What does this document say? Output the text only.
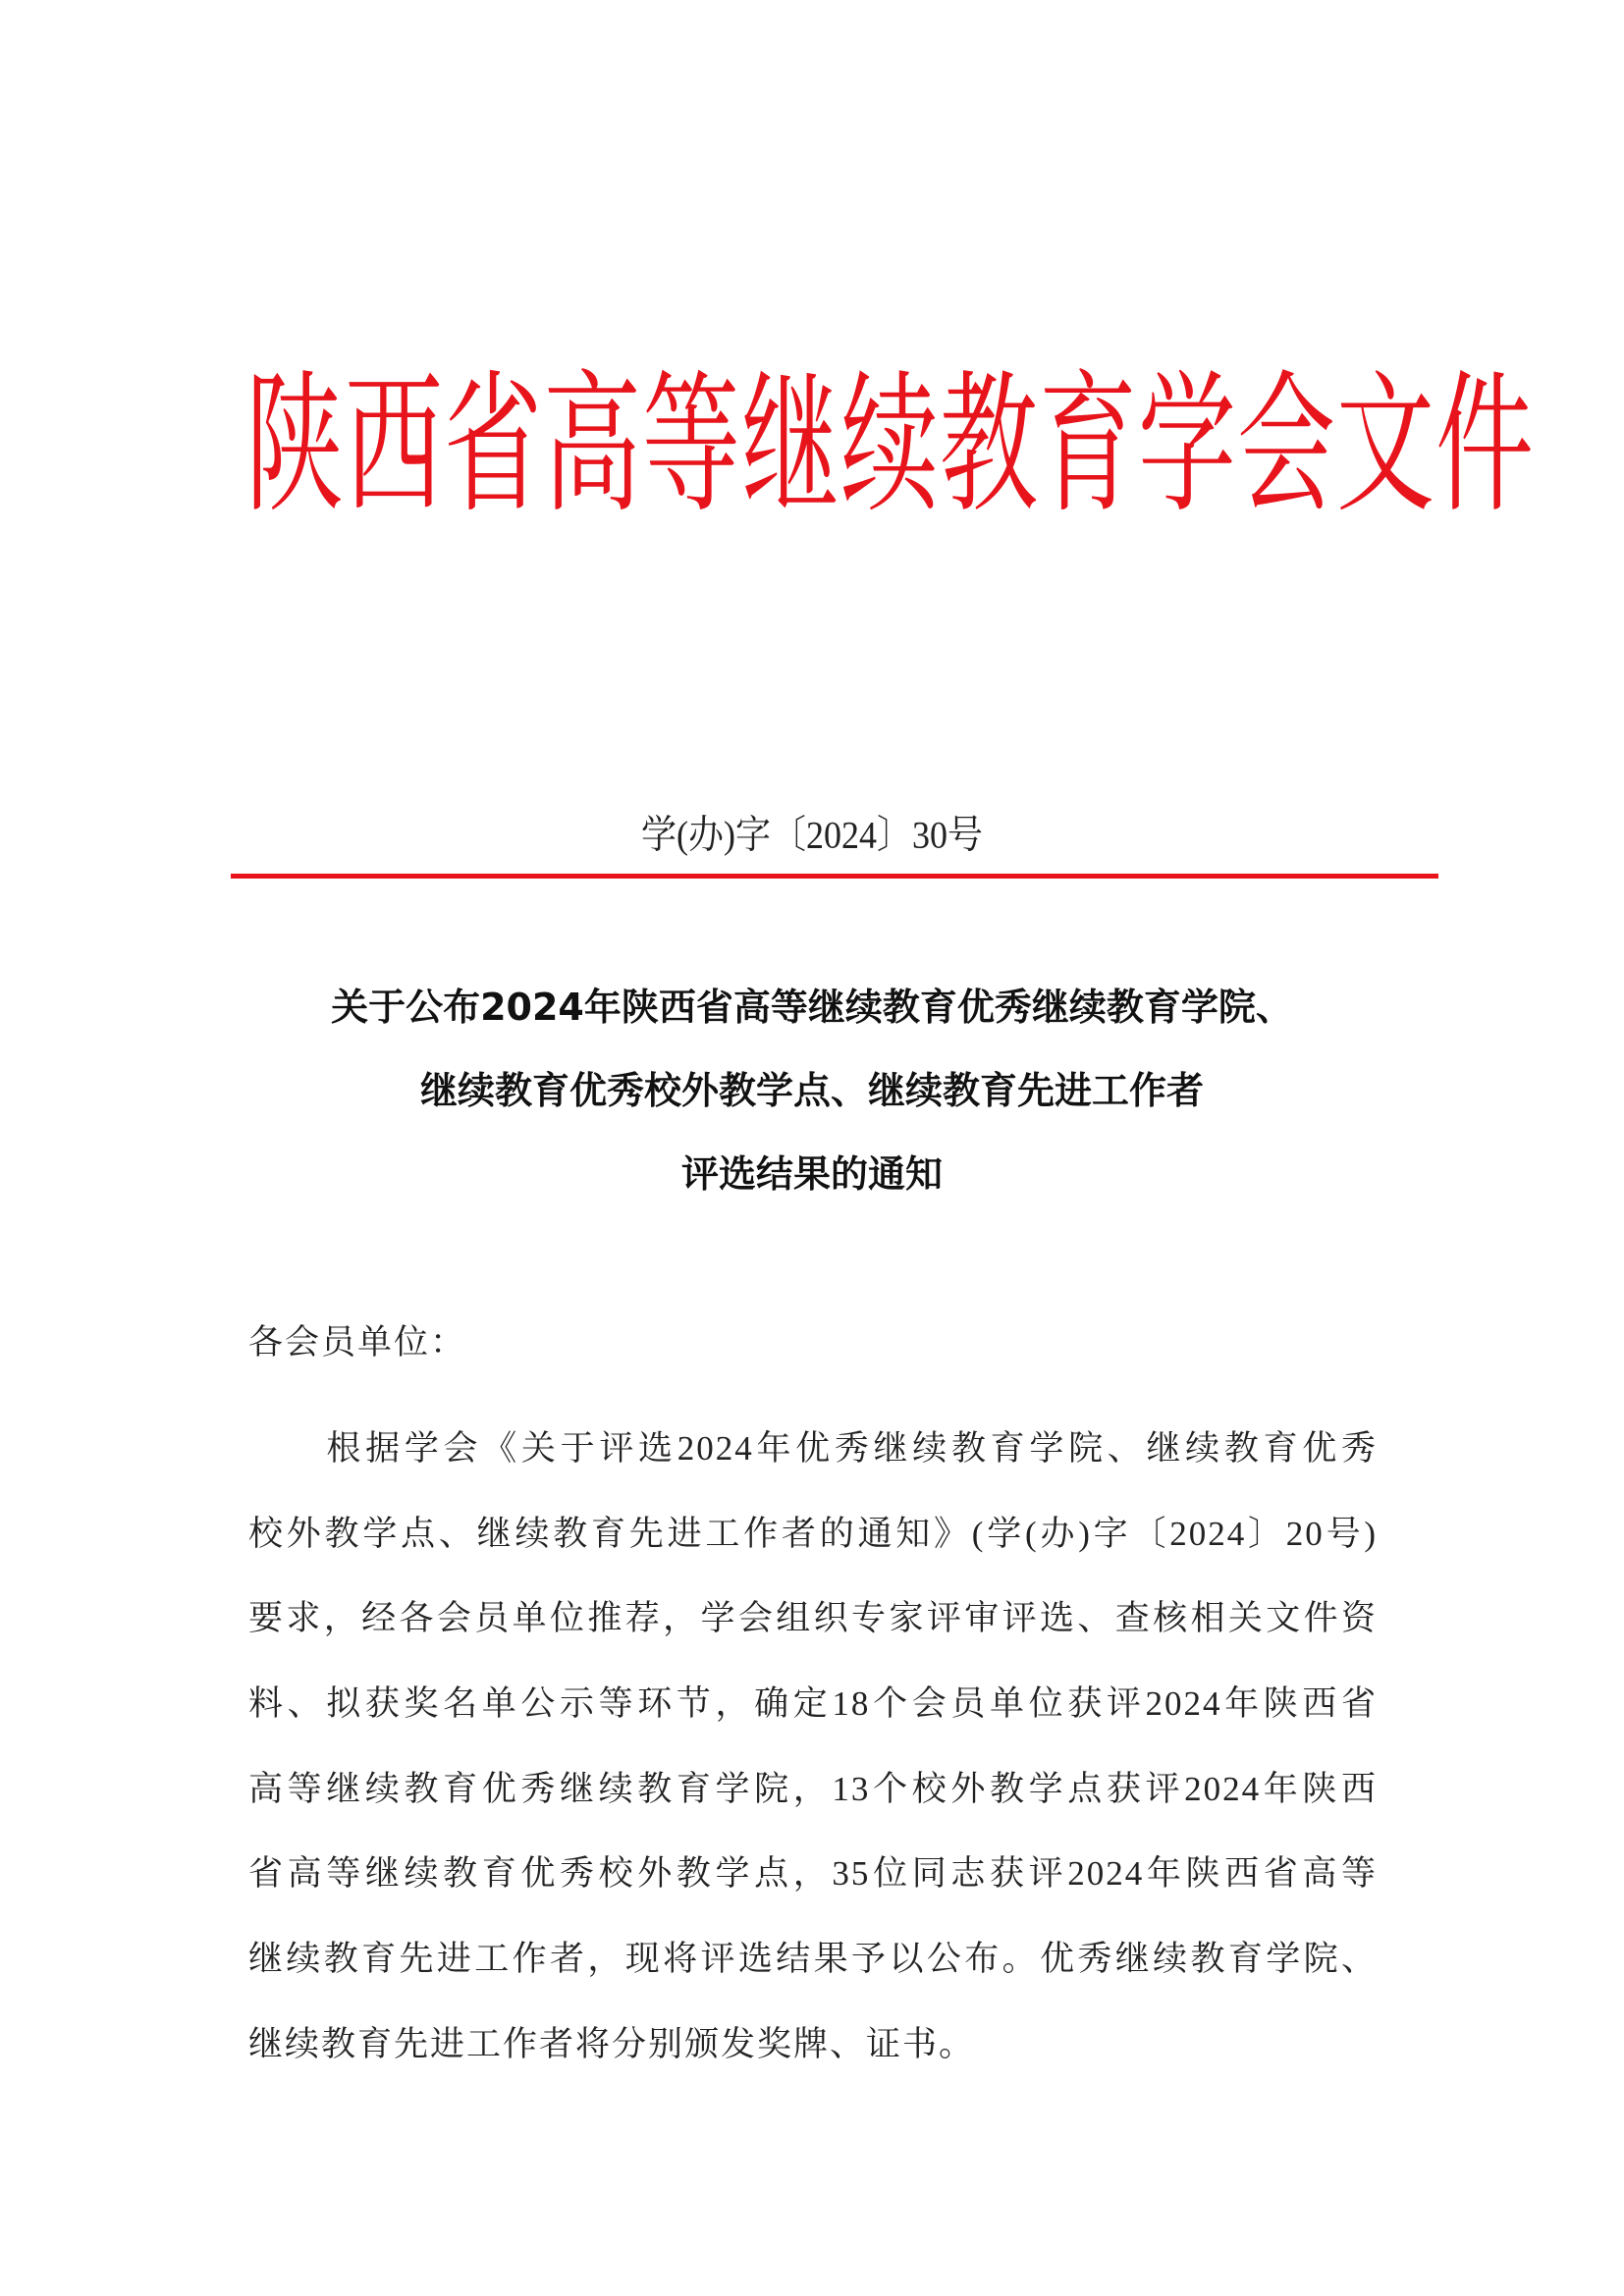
陕西省高等继续教育学会文件
学(办)字〔2024〕30号
关于公布2024年陕西省高等继续教育优秀继续教育学院、
继续教育优秀校外教学点、继续教育先进工作者
评选结果的通知
各会员单位：
　　根据学会《关于评选2024年优秀继续教育学院、继续教育优秀
校外教学点、继续教育先进工作者的通知》(学(办)字〔2024〕20号)
要求，经各会员单位推荐，学会组织专家评审评选、查核相关文件资
料、拟获奖名单公示等环节，确定18个会员单位获评2024年陕西省
高等继续教育优秀继续教育学院，13个校外教学点获评2024年陕西
省高等继续教育优秀校外教学点，35位同志获评2024年陕西省高等
继续教育先进工作者，现将评选结果予以公布。优秀继续教育学院、
继续教育先进工作者将分别颁发奖牌、证书。
